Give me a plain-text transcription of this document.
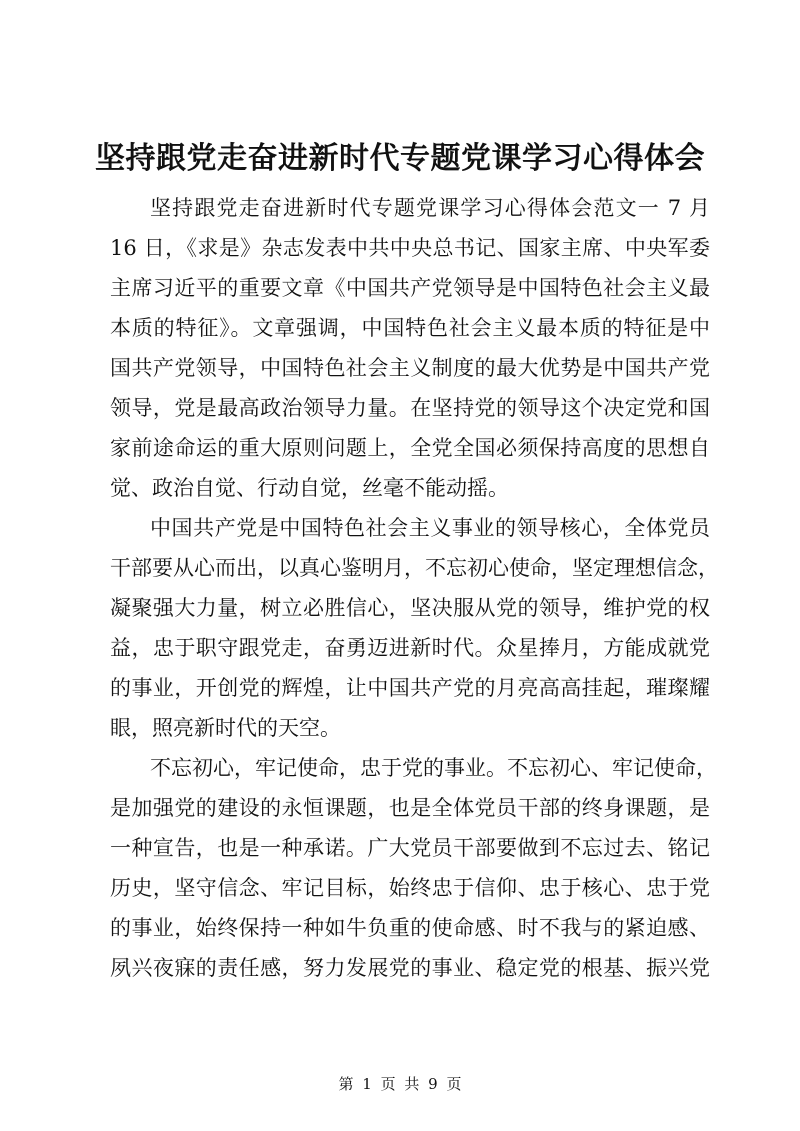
坚持跟党走奋进新时代专题党课学习心得体会
坚持跟党走奋进新时代专题党课学习心得体会范文一 7 月
16 日，《求是》杂志发表中共中央总书记、国家主席、中央军委
主席习近平的重要文章《中国共产党领导是中国特色社会主义最
本质的特征》。文章强调，中国特色社会主义最本质的特征是中
国共产党领导，中国特色社会主义制度的最大优势是中国共产党
领导，党是最高政治领导力量。在坚持党的领导这个决定党和国
家前途命运的重大原则问题上，全党全国必须保持高度的思想自
觉、政治自觉、行动自觉，丝毫不能动摇。
中国共产党是中国特色社会主义事业的领导核心，全体党员
干部要从心而出，以真心鉴明月，不忘初心使命，坚定理想信念，
凝聚强大力量，树立必胜信心，坚决服从党的领导，维护党的权
益，忠于职守跟党走，奋勇迈进新时代。众星捧月，方能成就党
的事业，开创党的辉煌，让中国共产党的月亮高高挂起，璀璨耀
眼，照亮新时代的天空。
不忘初心，牢记使命，忠于党的事业。不忘初心、牢记使命，
是加强党的建设的永恒课题，也是全体党员干部的终身课题，是
一种宣告，也是一种承诺。广大党员干部要做到不忘过去、铭记
历史，坚守信念、牢记目标，始终忠于信仰、忠于核心、忠于党
的事业，始终保持一种如牛负重的使命感、时不我与的紧迫感、
夙兴夜寐的责任感，努力发展党的事业、稳定党的根基、振兴党
第 1 页 共 9 页
